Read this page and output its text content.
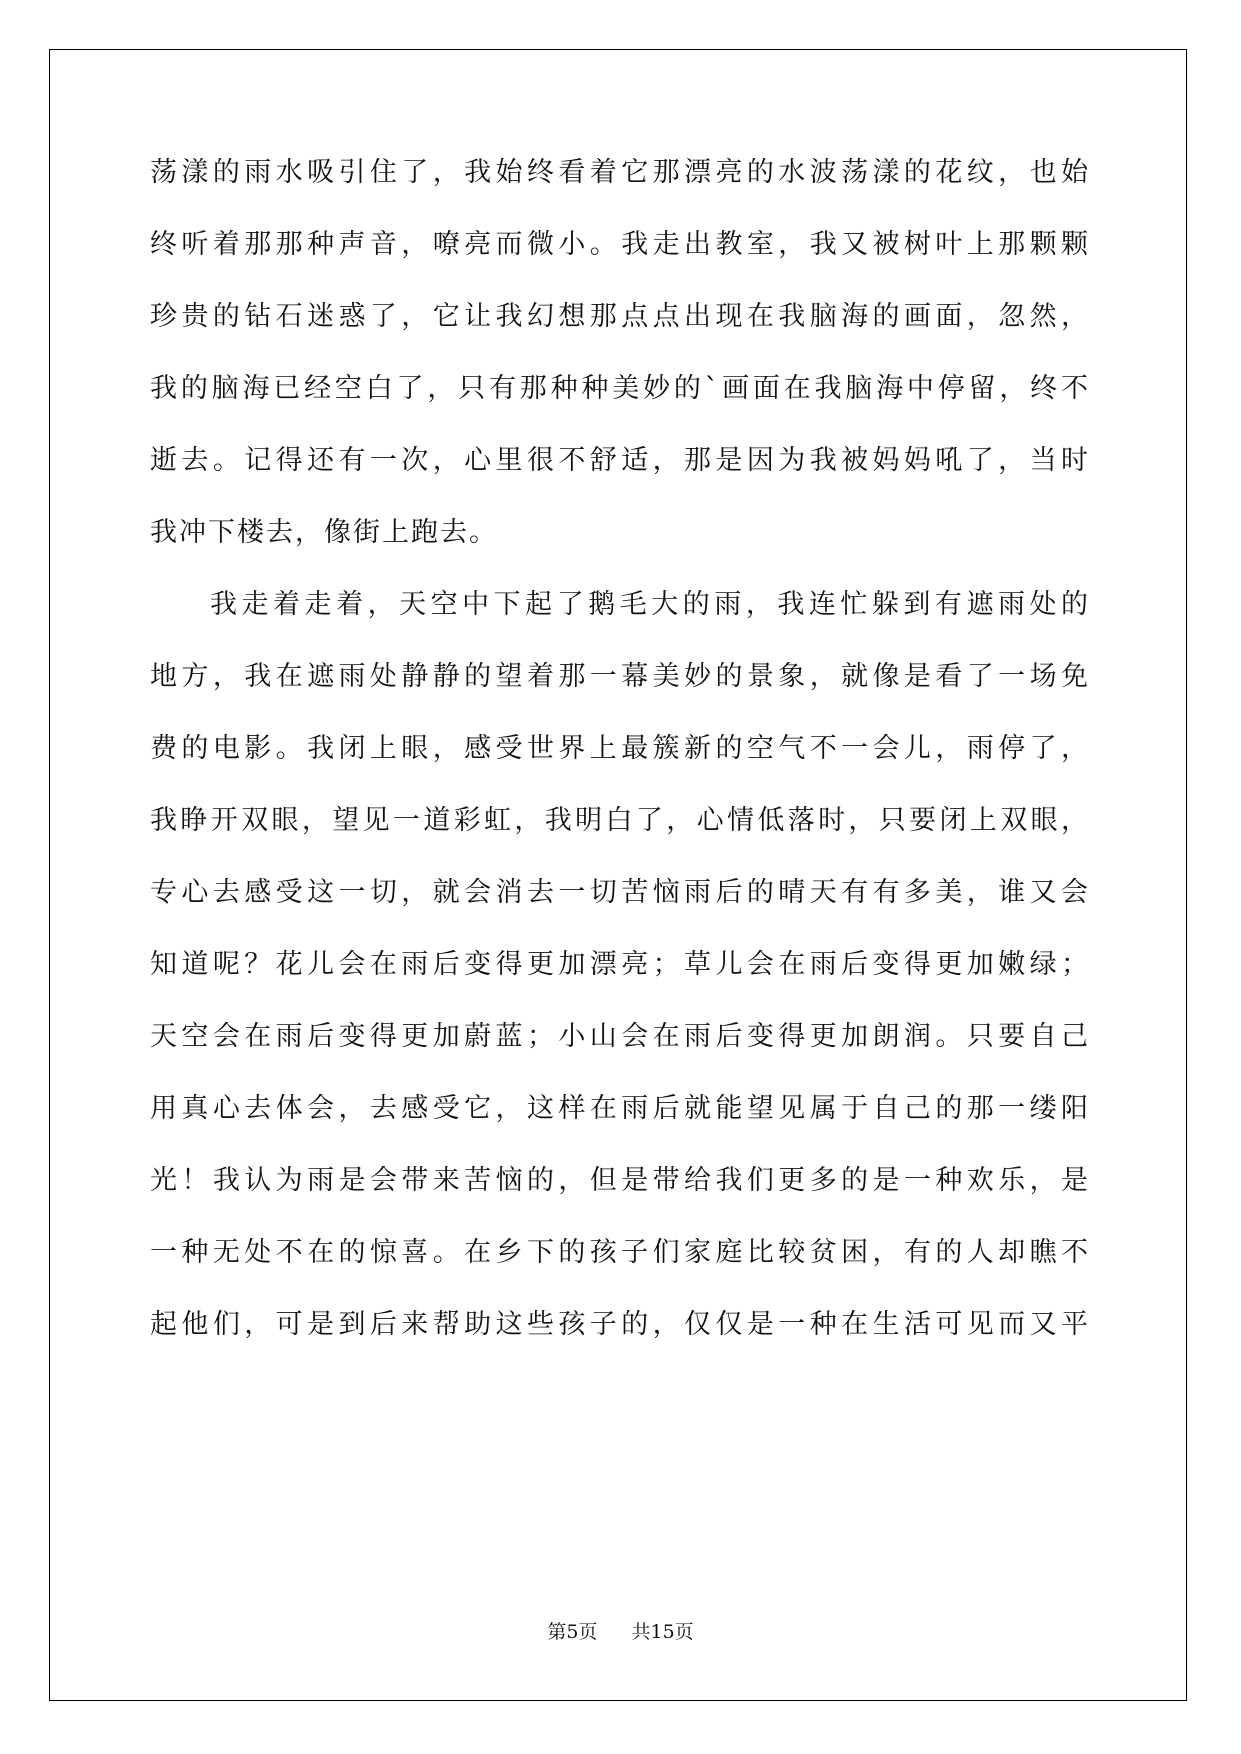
荡漾的雨水吸引住了，我始终看着它那漂亮的水波荡漾的花纹，也始
终听着那那种声音，嘹亮而微小。我走出教室，我又被树叶上那颗颗
珍贵的钻石迷惑了，它让我幻想那点点出现在我脑海的画面，忽然，
我的脑海已经空白了，只有那种种美妙的`画面在我脑海中停留，终不
逝去。记得还有一次，心里很不舒适，那是因为我被妈妈吼了，当时
我冲下楼去，像街上跑去。
我走着走着，天空中下起了鹅毛大的雨，我连忙躲到有遮雨处的
地方，我在遮雨处静静的望着那一幕美妙的景象，就像是看了一场免
费的电影。我闭上眼，感受世界上最簇新的空气不一会儿，雨停了，
我睁开双眼，望见一道彩虹，我明白了，心情低落时，只要闭上双眼，
专心去感受这一切，就会消去一切苦恼雨后的晴天有有多美，谁又会
知道呢？花儿会在雨后变得更加漂亮；草儿会在雨后变得更加嫩绿；
天空会在雨后变得更加蔚蓝；小山会在雨后变得更加朗润。只要自己
用真心去体会，去感受它，这样在雨后就能望见属于自己的那一缕阳
光！我认为雨是会带来苦恼的，但是带给我们更多的是一种欢乐，是
一种无处不在的惊喜。在乡下的孩子们家庭比较贫困，有的人却瞧不
起他们，可是到后来帮助这些孩子的，仅仅是一种在生活可见而又平
第5页 共15页
